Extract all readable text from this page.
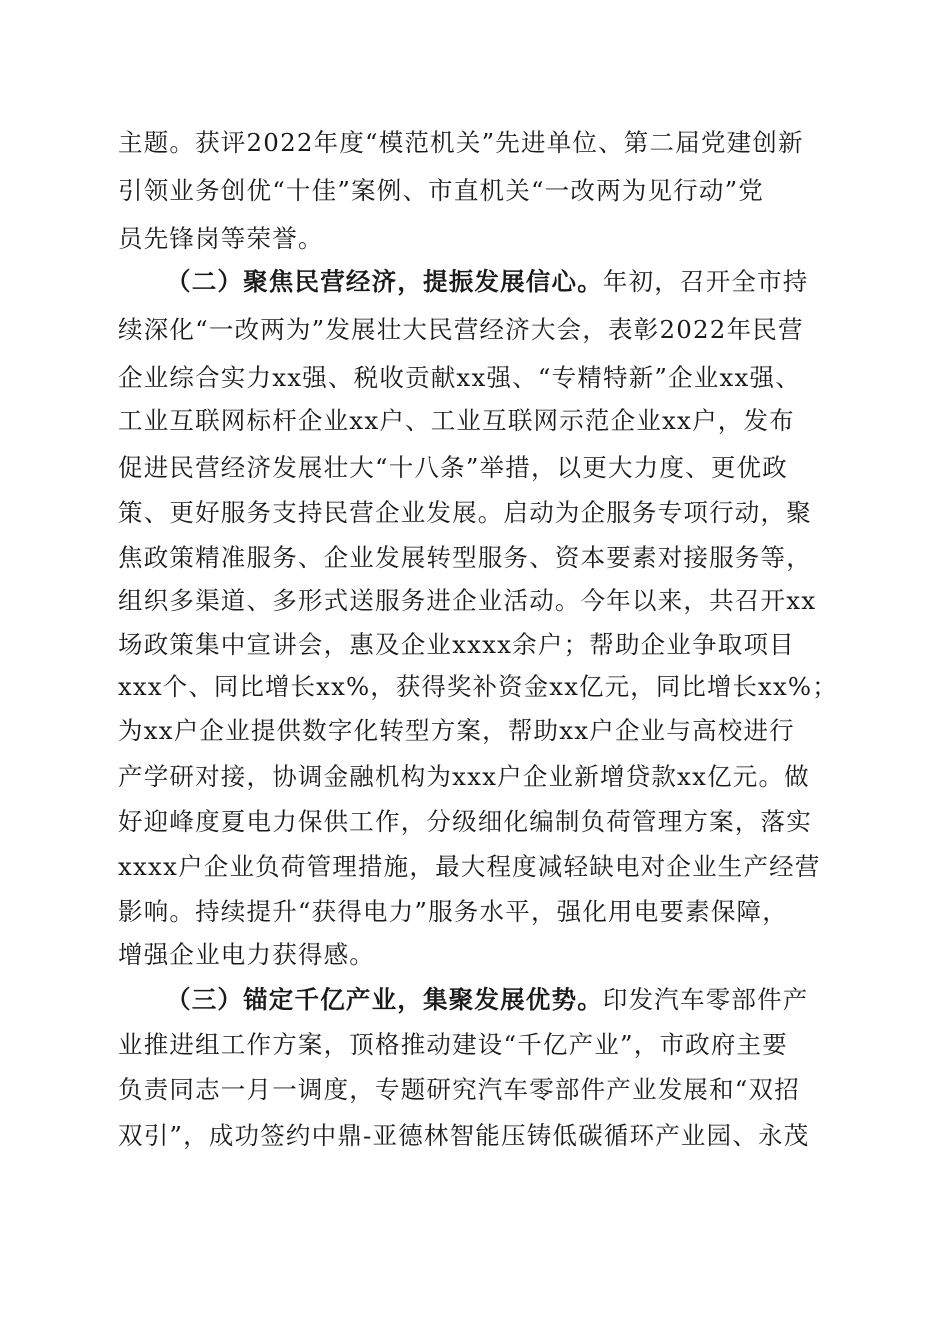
主题。获评2022年度“模范机关”先进单位、第二届党建创新
引领业务创优“十佳”案例、市直机关“一改两为见行动”党
员先锋岗等荣誉。
（二）聚焦民营经济，提振发展信心。年初，召开全市持
续深化“一改两为”发展壮大民营经济大会，表彰2022年民营
企业综合实力xx强、税收贡献xx强、“专精特新”企业xx强、
工业互联网标杆企业xx户、工业互联网示范企业xx户，发布
促进民营经济发展壮大“十八条”举措，以更大力度、更优政
策、更好服务支持民营企业发展。启动为企服务专项行动，聚
焦政策精准服务、企业发展转型服务、资本要素对接服务等，
组织多渠道、多形式送服务进企业活动。今年以来，共召开xx
场政策集中宣讲会，惠及企业xxxx余户；帮助企业争取项目
xxx个、同比增长xx%，获得奖补资金xx亿元，同比增长xx%；
为xx户企业提供数字化转型方案，帮助xx户企业与高校进行
产学研对接，协调金融机构为xxx户企业新增贷款xx亿元。做
好迎峰度夏电力保供工作，分级细化编制负荷管理方案，落实
xxxx户企业负荷管理措施，最大程度减轻缺电对企业生产经营
影响。持续提升“获得电力”服务水平，强化用电要素保障，
增强企业电力获得感。
（三）锚定千亿产业，集聚发展优势。印发汽车零部件产
业推进组工作方案，顶格推动建设“千亿产业”，市政府主要
负责同志一月一调度，专题研究汽车零部件产业发展和“双招
双引”，成功签约中鼎-亚德林智能压铸低碳循环产业园、永茂
